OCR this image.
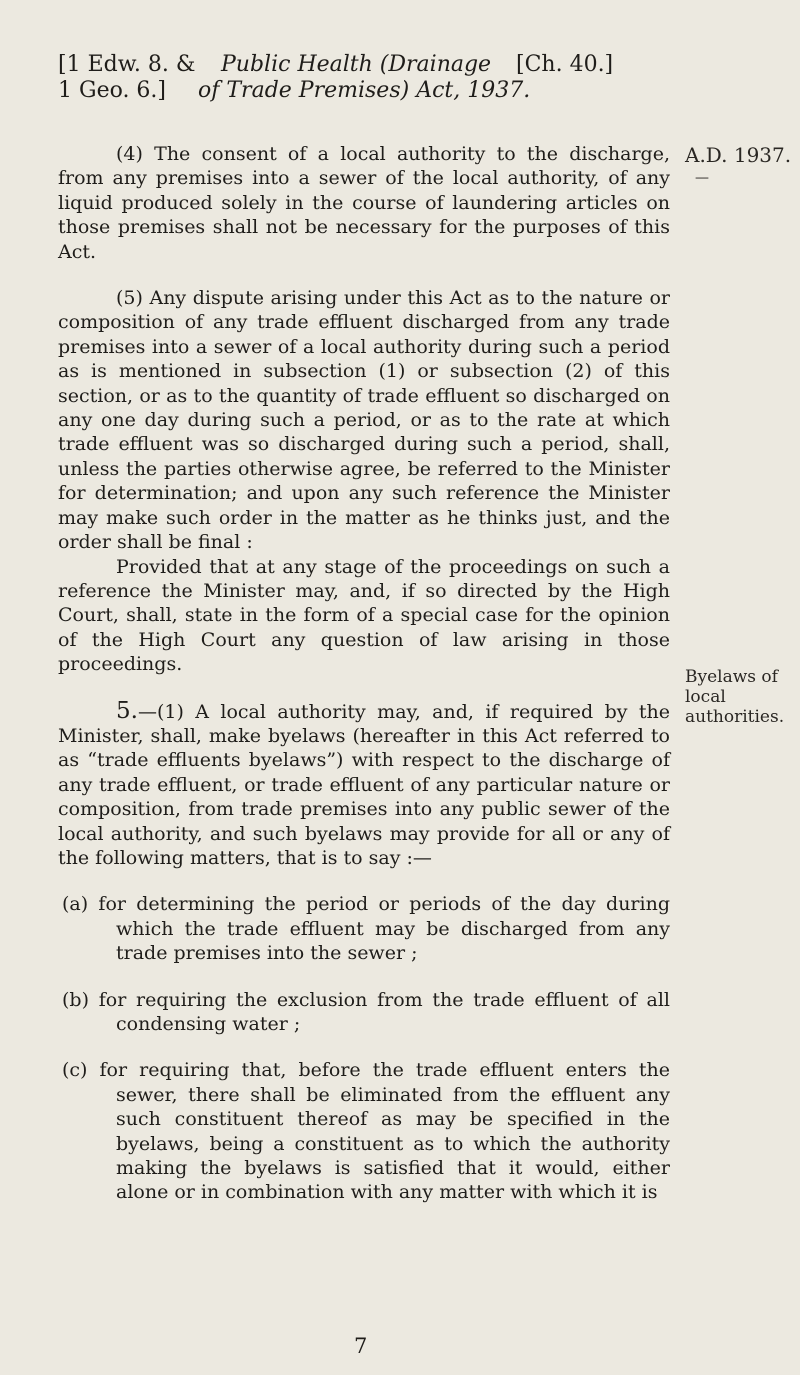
[1 Edw. 8. & Public Health (Drainage [Ch. 40.]
1 Geo. 6.] of Trade Premises) Act, 1937.
A.D. 1937.
—
Byelaws of local authorities.

(4) The consent of a local authority to the discharge, from any premises into a sewer of the local authority, of any liquid produced solely in the course of laundering articles on those premises shall not be necessary for the purposes of this Act.

(5) Any dispute arising under this Act as to the nature or composition of any trade effluent discharged from any trade premises into a sewer of a local authority during such a period as is mentioned in subsection (1) or subsection (2) of this section, or as to the quantity of trade effluent so discharged on any one day during such a period, or as to the rate at which trade effluent was so discharged during such a period, shall, unless the parties otherwise agree, be referred to the Minister for determination; and upon any such reference the Minister may make such order in the matter as he thinks just, and the order shall be final :

Provided that at any stage of the proceedings on such a reference the Minister may, and, if so directed by the High Court, shall, state in the form of a special case for the opinion of the High Court any question of law arising in those proceedings.

5.—(1) A local authority may, and, if required by the Minister, shall, make byelaws (hereafter in this Act referred to as “trade effluents byelaws”) with respect to the discharge of any trade effluent, or trade effluent of any particular nature or composition, from trade premises into any public sewer of the local authority, and such byelaws may provide for all or any of the following matters, that is to say :—

(a) for determining the period or periods of the day during which the trade effluent may be discharged from any trade premises into the sewer ;

(b) for requiring the exclusion from the trade effluent of all condensing water ;

(c) for requiring that, before the trade effluent enters the sewer, there shall be eliminated from the effluent any such constituent thereof as may be specified in the byelaws, being a constituent as to which the authority making the byelaws is satisfied that it would, either alone or in combination with any matter with which it is

7
